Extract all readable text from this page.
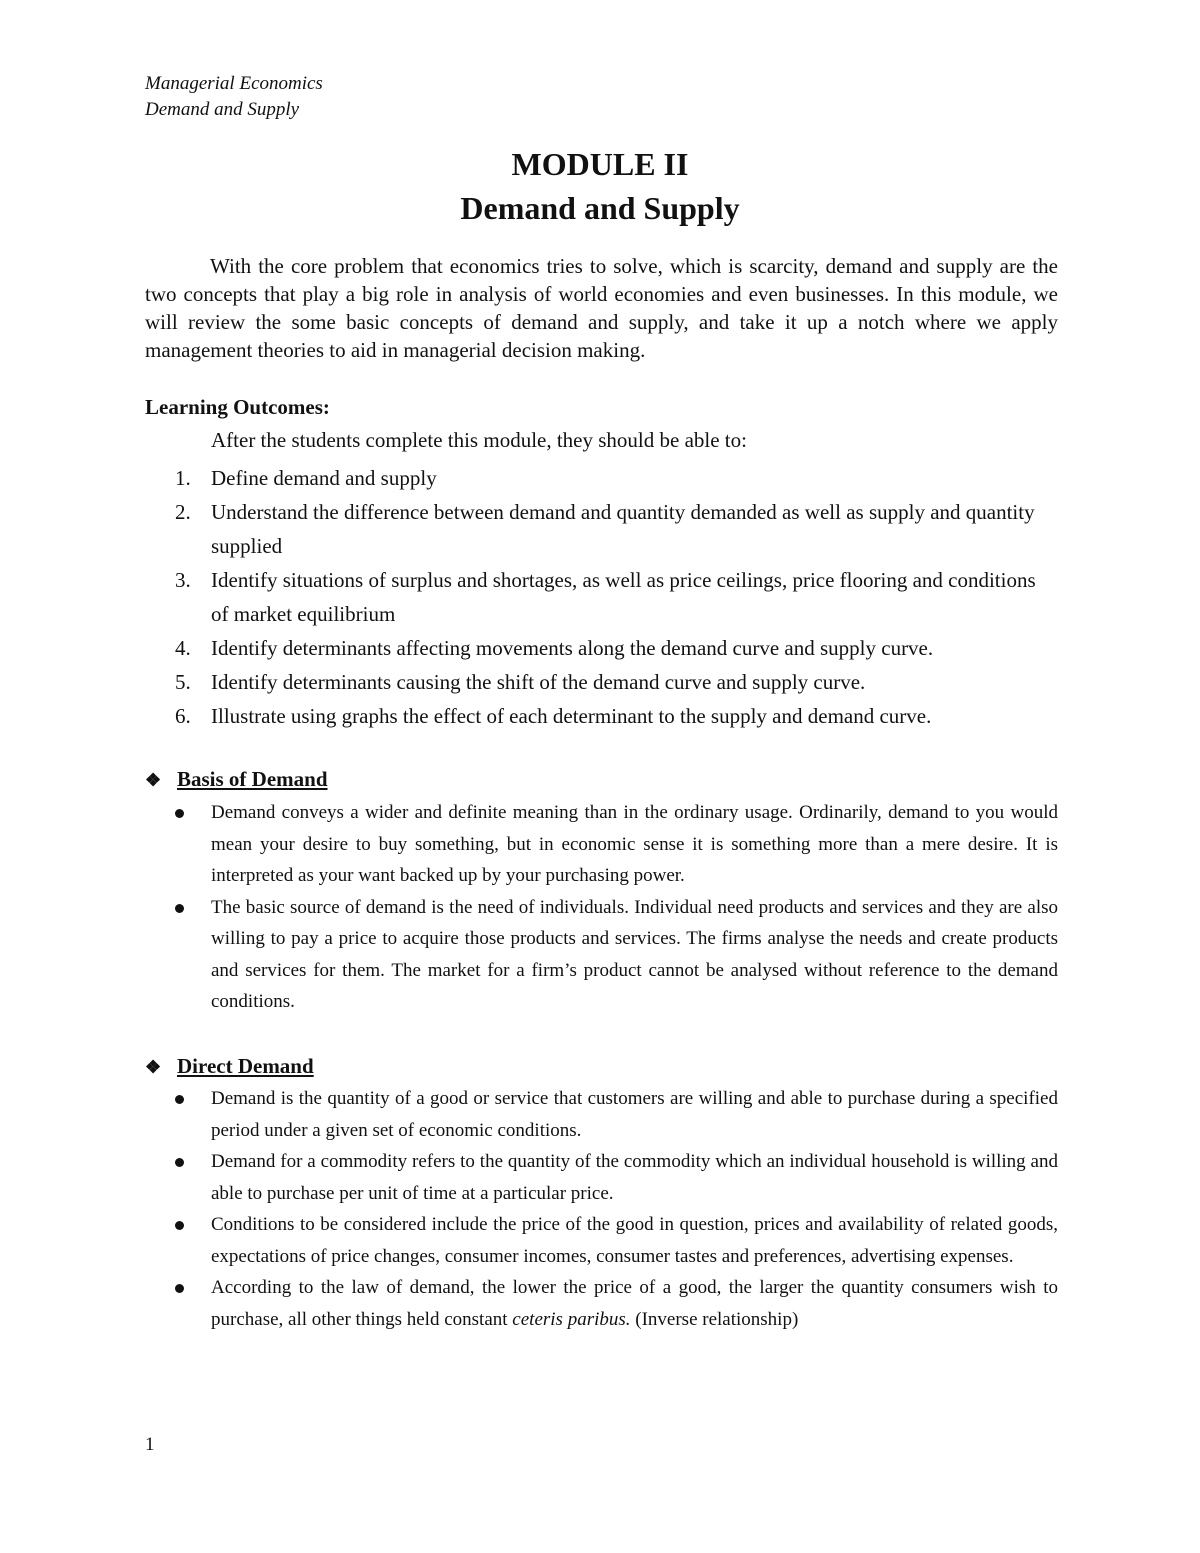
Managerial Economics
Demand and Supply
MODULE II
Demand and Supply

With the core problem that economics tries to solve, which is scarcity, demand and supply are the two concepts that play a big role in analysis of world economies and even businesses. In this module, we will review the some basic concepts of demand and supply, and take it up a notch where we apply management theories to aid in managerial decision making.

Learning Outcomes:
After the students complete this module, they should be able to:
1. Define demand and supply
2. Understand the difference between demand and quantity demanded as well as supply and quantity supplied
3. Identify situations of surplus and shortages, as well as price ceilings, price flooring and conditions of market equilibrium
4. Identify determinants affecting movements along the demand curve and supply curve.
5. Identify determinants causing the shift of the demand curve and supply curve.
6. Illustrate using graphs the effect of each determinant to the supply and demand curve.
❖ Basis of Demand
Demand conveys a wider and definite meaning than in the ordinary usage. Ordinarily, demand to you would mean your desire to buy something, but in economic sense it is something more than a mere desire. It is interpreted as your want backed up by your purchasing power.
The basic source of demand is the need of individuals. Individual need products and services and they are also willing to pay a price to acquire those products and services. The firms analyse the needs and create products and services for them. The market for a firm’s product cannot be analysed without reference to the demand conditions.
❖ Direct Demand
Demand is the quantity of a good or service that customers are willing and able to purchase during a specified period under a given set of economic conditions.
Demand for a commodity refers to the quantity of the commodity which an individual household is willing and able to purchase per unit of time at a particular price.
Conditions to be considered include the price of the good in question, prices and availability of related goods, expectations of price changes, consumer incomes, consumer tastes and preferences, advertising expenses.
According to the law of demand, the lower the price of a good, the larger the quantity consumers wish to purchase, all other things held constant ceteris paribus. (Inverse relationship)
1
